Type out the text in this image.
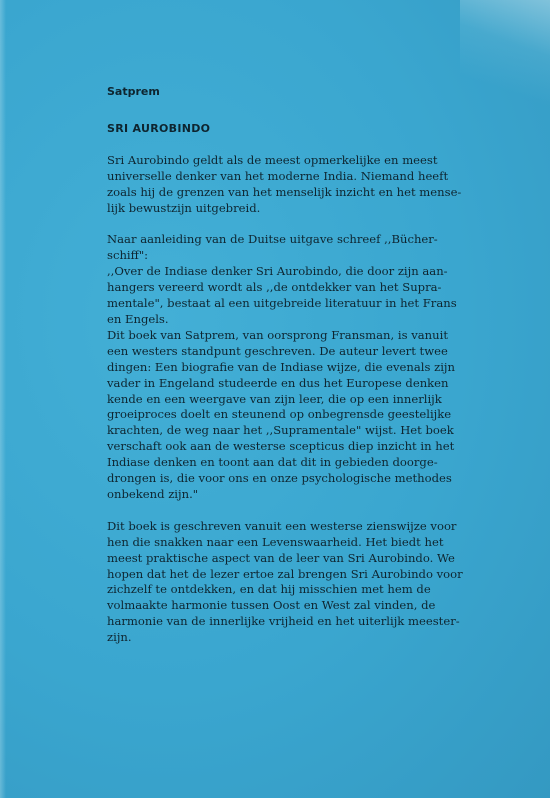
Satprem

SRI AUROBINDO

Sri Aurobindo geldt als de meest opmerkelijke en meest
universelle denker van het moderne India. Niemand heeft
zoals hij de grenzen van het menselijk inzicht en het mense-
lijk bewustzijn uitgebreid.

Naar aanleiding van de Duitse uitgave schreef ,,Bücher-
schiff":
,,Over de Indiase denker Sri Aurobindo, die door zijn aan-
hangers vereerd wordt als ,,de ontdekker van het Supra-
mentale", bestaat al een uitgebreide literatuur in het Frans
en Engels.
Dit boek van Satprem, van oorsprong Fransman, is vanuit
een westers standpunt geschreven. De auteur levert twee
dingen: Een biografie van de Indiase wijze, die evenals zijn
vader in Engeland studeerde en dus het Europese denken
kende en een weergave van zijn leer, die op een innerlijk
groeiproces doelt en steunend op onbegrensde geestelijke
krachten, de weg naar het ,,Supramentale" wijst. Het boek
verschaft ook aan de westerse scepticus diep inzicht in het
Indiase denken en toont aan dat dit in gebieden doorge-
drongen is, die voor ons en onze psychologische methodes
onbekend zijn."

Dit boek is geschreven vanuit een westerse zienswijze voor
hen die snakken naar een Levenswaarheid. Het biedt het
meest praktische aspect van de leer van Sri Aurobindo. We
hopen dat het de lezer ertoe zal brengen Sri Aurobindo voor
zichzelf te ontdekken, en dat hij misschien met hem de
volmaakte harmonie tussen Oost en West zal vinden, de
harmonie van de innerlijke vrijheid en het uiterlijk meester-
zijn.
